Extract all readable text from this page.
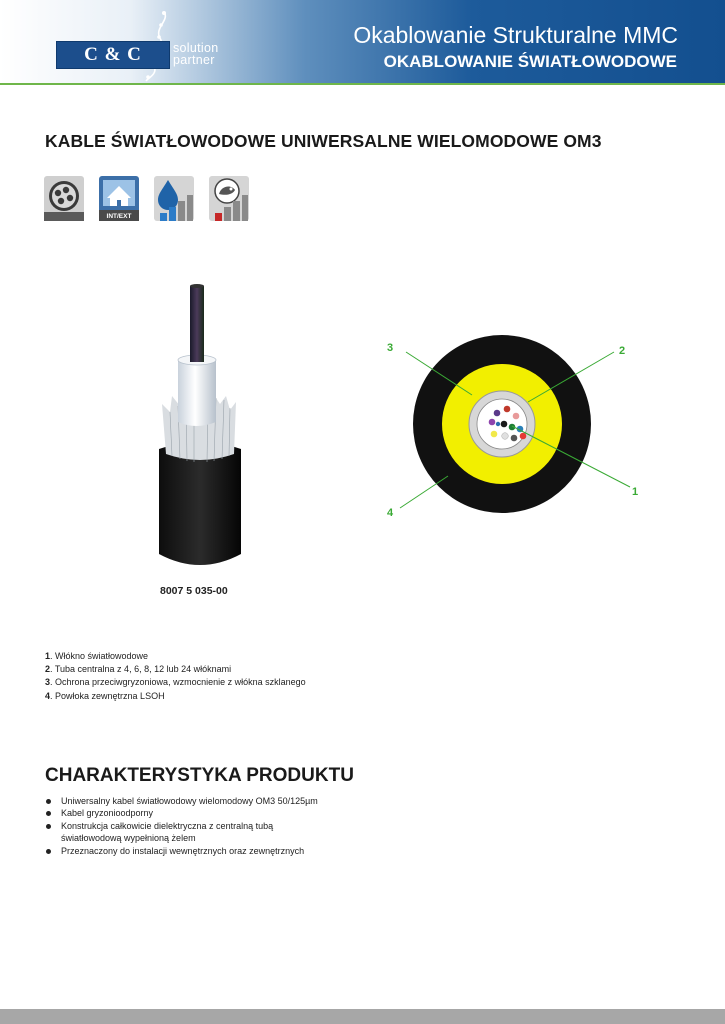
C & C solution
partner
Okablowanie Strukturalne MMC
OKABLOWANIE ŚWIATŁOWODOWE
KABLE ŚWIATŁOWODOWE UNIWERSALNE WIELOMODOWE OM3
INT/EXT
8007 5 035-00
3	2
1
4
1. Włókno światłowodowe
2. Tuba centralna z 4, 6, 8, 12 lub 24 włóknami
3. Ochrona przeciwgryzoniowa, wzmocnienie z włókna szklanego
4. Powłoka zewnętrzna LSOH
CHARAKTERYSTYKA PRODUKTU
Uniwersalny kabel światłowodowy wielomodowy OM3 50/125µm
Kabel gryzonioodporny
Konstrukcja całkowicie dielektryczna z centralną tubą światłowodową wypełnioną żelem
Przeznaczony do instalacji wewnętrznych oraz zewnętrznych
